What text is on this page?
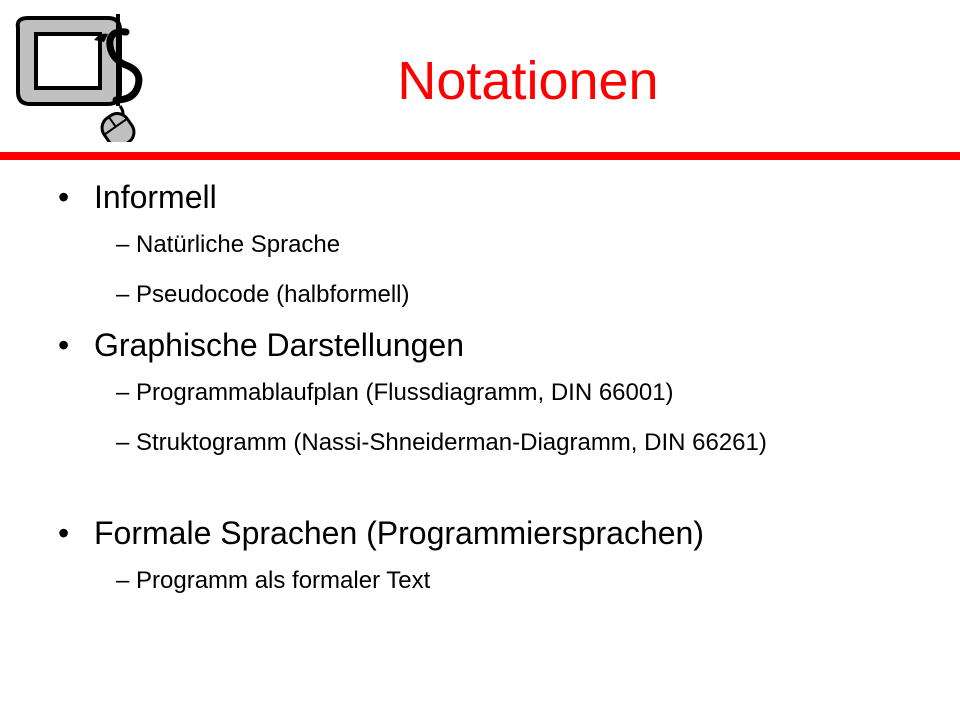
Notationen
• Informell
– Natürliche Sprache
– Pseudocode (halbformell)
• Graphische Darstellungen
– Programmablaufplan (Flussdiagramm, DIN 66001)
– Struktogramm (Nassi-Shneiderman-Diagramm, DIN 66261)
• Formale Sprachen (Programmiersprachen)
– Programm als formaler Text
